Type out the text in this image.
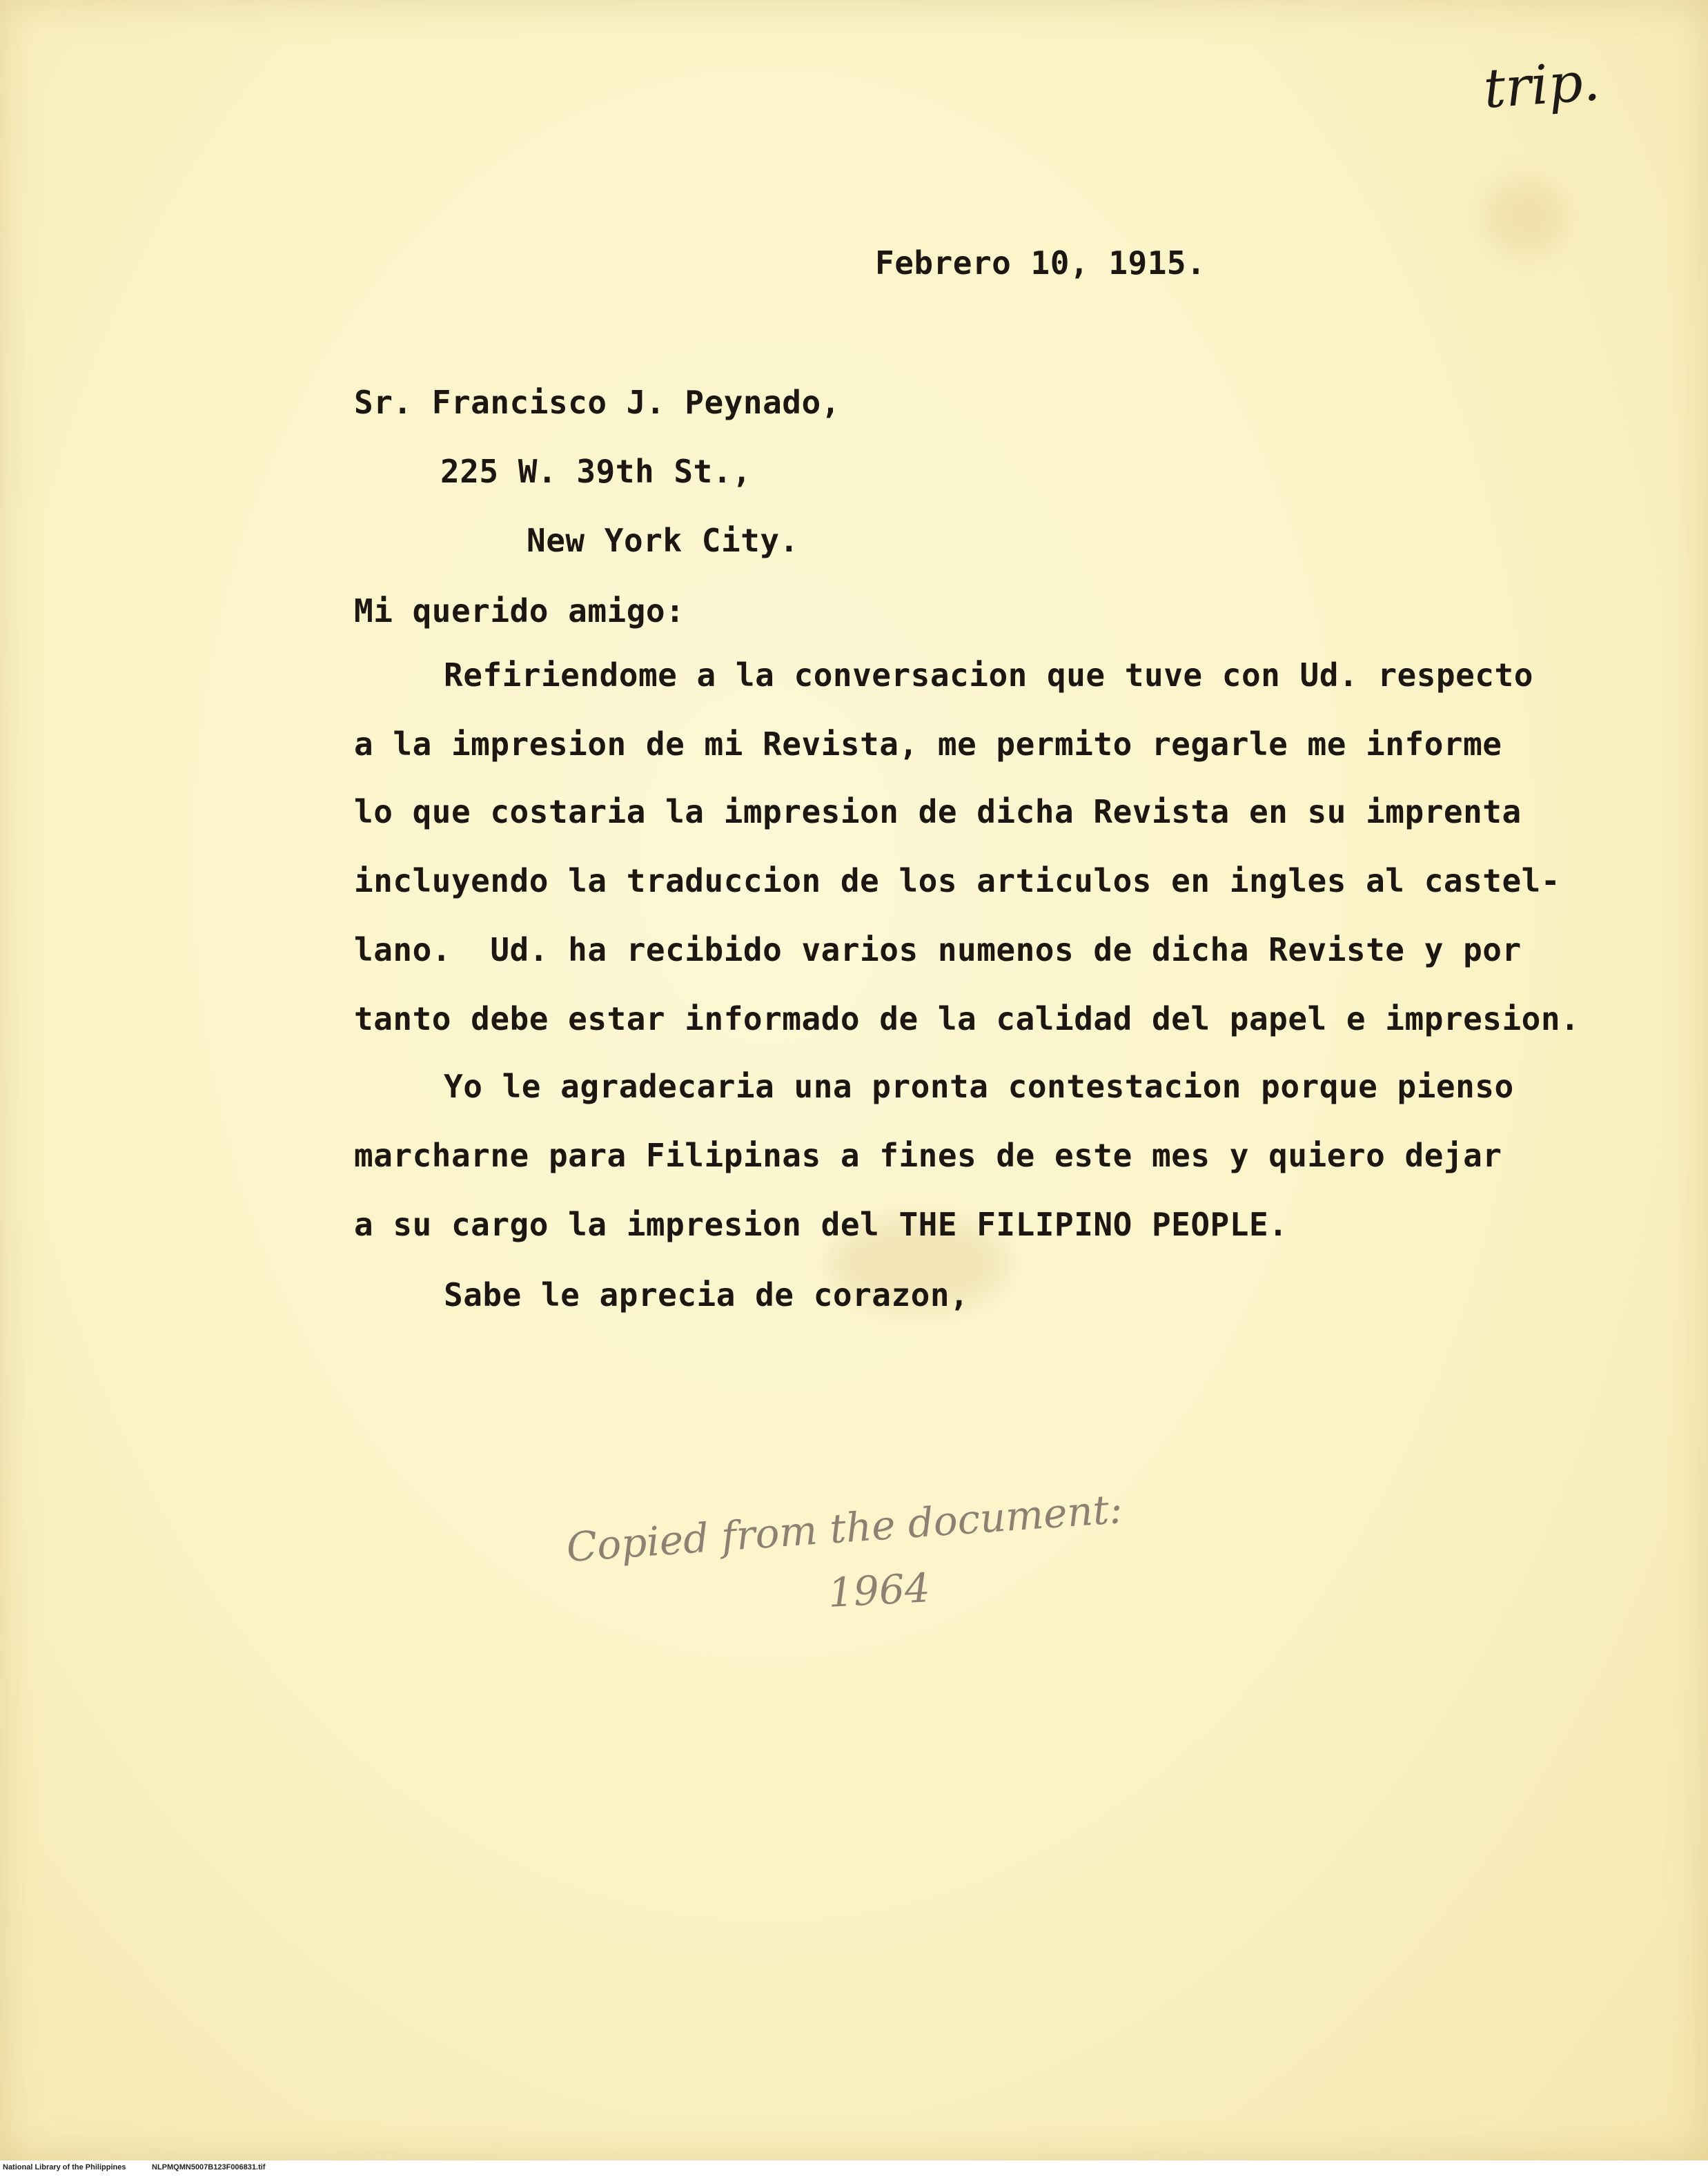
trip.
Febrero 10, 1915.
Sr. Francisco J. Peynado,
225 W. 39th St.,
New York City.
Mi querido amigo:
Refiriendome a la conversacion que tuve con Ud. respecto
a la impresion de mi Revista, me permito regarle me informe
lo que costaria la impresion de dicha Revista en su imprenta
incluyendo la traduccion de los articulos en ingles al castel-
lano.  Ud. ha recibido varios numenos de dicha Reviste y por
tanto debe estar informado de la calidad del papel e impresion.
Yo le agradecaria una pronta contestacion porque pienso
marcharne para Filipinas a fines de este mes y quiero dejar
a su cargo la impresion del THE FILIPINO PEOPLE.
Sabe le aprecia de corazon,
Copied from the document:
1964
National Library of the Philippines	NLPMQMN5007B123F006831.tif
